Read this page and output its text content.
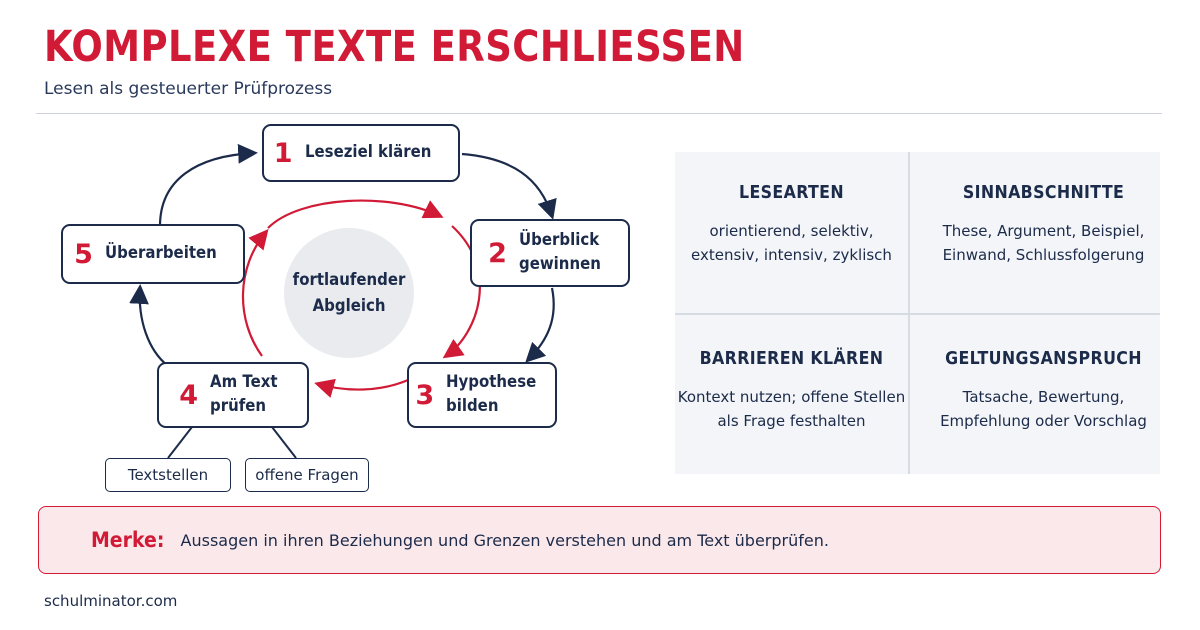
KOMPLEXE TEXTE ERSCHLIESSEN
Lesen als gesteuerter Prüfprozess
fortlaufender
Abgleich
1 Leseziel klären
2 Überblick
gewinnen
3 Hypothese
bilden
4 Am Text
prüfen
5 Überarbeiten
Textstellen	offene Fragen
LESEARTEN

orientierend, selektiv,
extensiv, intensiv, zyklisch

SINNABSCHNITTE

These, Argument, Beispiel,
Einwand, Schlussfolgerung

BARRIEREN KLÄREN

Kontext nutzen; offene Stellen
als Frage festhalten

GELTUNGSANSPRUCH

Tatsache, Bewertung,
Empfehlung oder Vorschlag

Merke: Aussagen in ihren Beziehungen und Grenzen verstehen und am Text überprüfen.
schulminator.com
